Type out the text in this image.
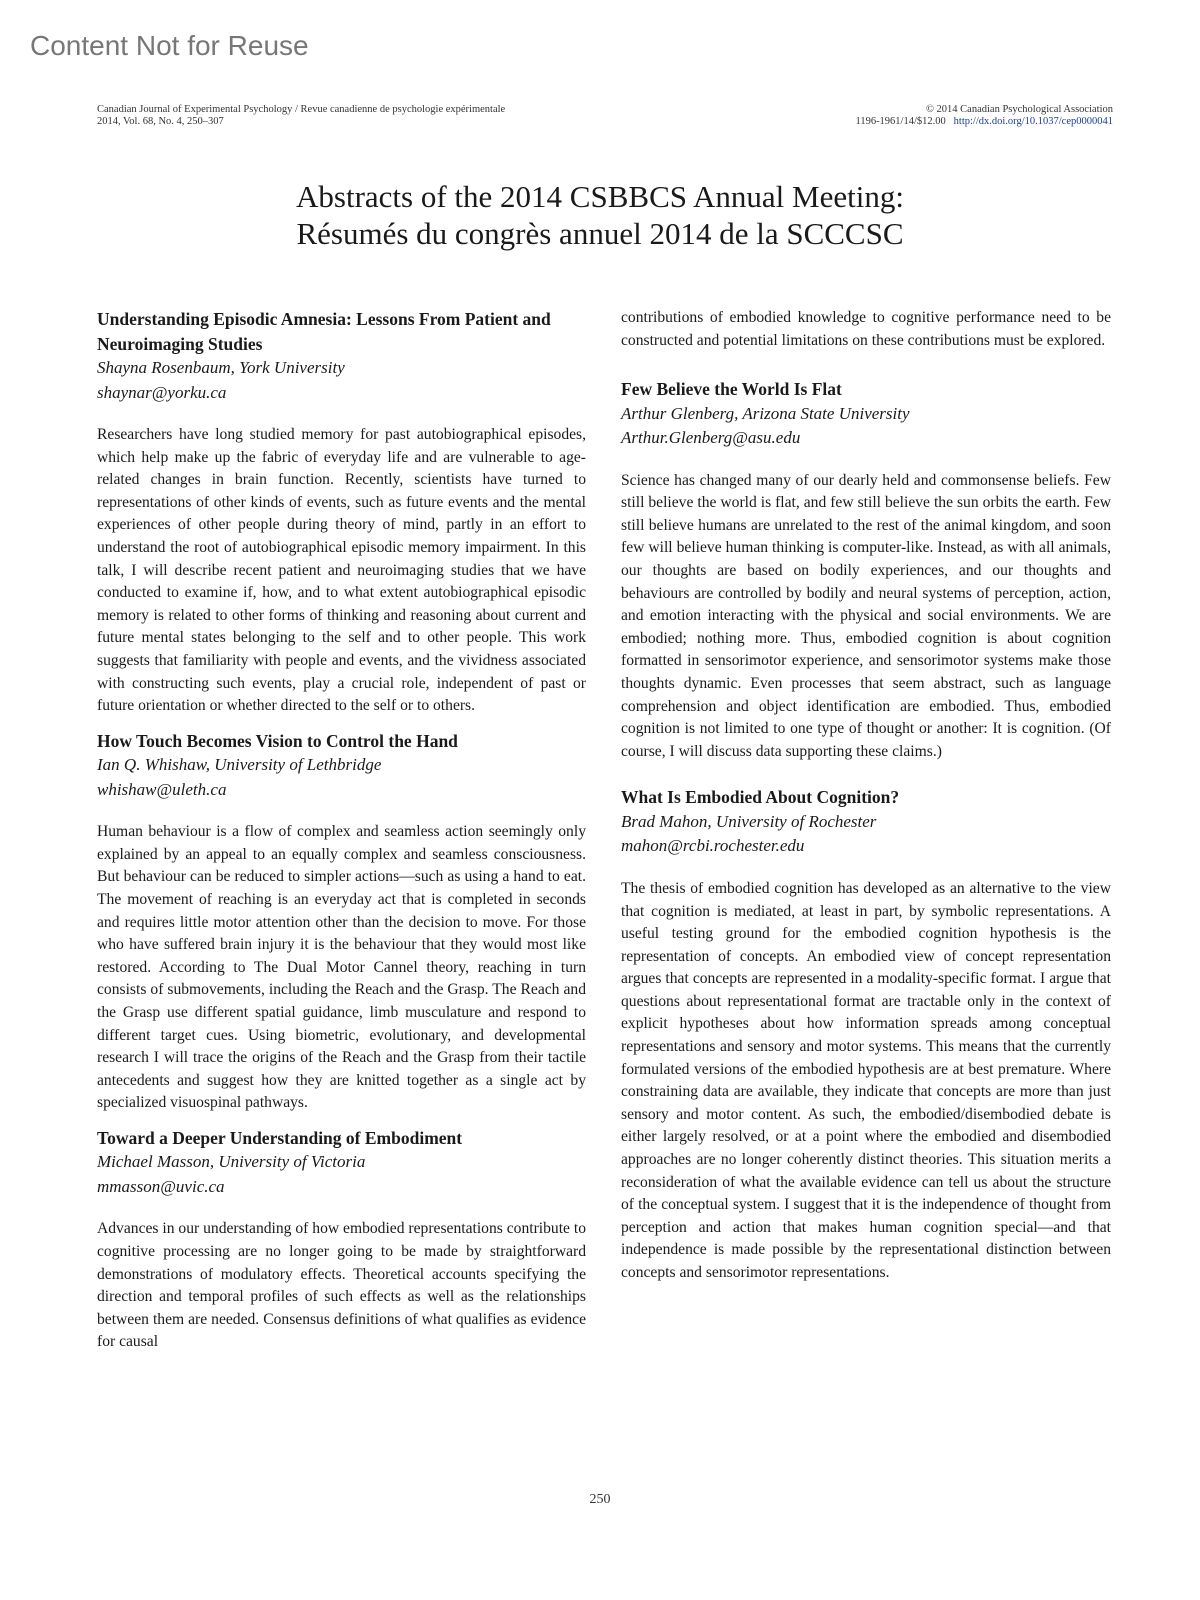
Content Not for Reuse
Canadian Journal of Experimental Psychology / Revue canadienne de psychologie expérimentale
2014, Vol. 68, No. 4, 250–307
© 2014 Canadian Psychological Association
1196-1961/14/$12.00 http://dx.doi.org/10.1037/cep0000041
Abstracts of the 2014 CSBBCS Annual Meeting:
Résumés du congrès annuel 2014 de la SCCCSC

Understanding Episodic Amnesia: Lessons From Patient and Neuroimaging Studies

Shayna Rosenbaum, York University

shaynar@yorku.ca

Researchers have long studied memory for past autobiographical episodes, which help make up the fabric of everyday life and are vulnerable to age-related changes in brain function. Recently, scientists have turned to representations of other kinds of events, such as future events and the mental experiences of other people during theory of mind, partly in an effort to understand the root of autobiographical episodic memory impairment. In this talk, I will describe recent patient and neuroimaging studies that we have conducted to examine if, how, and to what extent autobiographical episodic memory is related to other forms of thinking and reasoning about current and future mental states belonging to the self and to other people. This work suggests that familiarity with people and events, and the vividness associated with constructing such events, play a crucial role, independent of past or future orientation or whether directed to the self or to others.

How Touch Becomes Vision to Control the Hand

Ian Q. Whishaw, University of Lethbridge

whishaw@uleth.ca

Human behaviour is a flow of complex and seamless action seemingly only explained by an appeal to an equally complex and seamless consciousness. But behaviour can be reduced to simpler actions—such as using a hand to eat. The movement of reaching is an everyday act that is completed in seconds and requires little motor attention other than the decision to move. For those who have suffered brain injury it is the behaviour that they would most like restored. According to The Dual Motor Cannel theory, reaching in turn consists of submovements, including the Reach and the Grasp. The Reach and the Grasp use different spatial guidance, limb musculature and respond to different target cues. Using biometric, evolutionary, and developmental research I will trace the origins of the Reach and the Grasp from their tactile antecedents and suggest how they are knitted together as a single act by specialized visuospinal pathways.

Toward a Deeper Understanding of Embodiment

Michael Masson, University of Victoria

mmasson@uvic.ca

Advances in our understanding of how embodied representations contribute to cognitive processing are no longer going to be made by straightforward demonstrations of modulatory effects. Theoretical accounts specifying the direction and temporal profiles of such effects as well as the relationships between them are needed. Consensus definitions of what qualifies as evidence for causal

contributions of embodied knowledge to cognitive performance need to be constructed and potential limitations on these contributions must be explored.

Few Believe the World Is Flat

Arthur Glenberg, Arizona State University

Arthur.Glenberg@asu.edu

Science has changed many of our dearly held and commonsense beliefs. Few still believe the world is flat, and few still believe the sun orbits the earth. Few still believe humans are unrelated to the rest of the animal kingdom, and soon few will believe human thinking is computer-like. Instead, as with all animals, our thoughts are based on bodily experiences, and our thoughts and behaviours are controlled by bodily and neural systems of perception, action, and emotion interacting with the physical and social environments. We are embodied; nothing more. Thus, embodied cognition is about cognition formatted in sensorimotor experience, and sensorimotor systems make those thoughts dynamic. Even processes that seem abstract, such as language comprehension and object identification are embodied. Thus, embodied cognition is not limited to one type of thought or another: It is cognition. (Of course, I will discuss data supporting these claims.)

What Is Embodied About Cognition?

Brad Mahon, University of Rochester

mahon@rcbi.rochester.edu

The thesis of embodied cognition has developed as an alternative to the view that cognition is mediated, at least in part, by symbolic representations. A useful testing ground for the embodied cognition hypothesis is the representation of concepts. An embodied view of concept representation argues that concepts are represented in a modality-specific format. I argue that questions about representational format are tractable only in the context of explicit hypotheses about how information spreads among conceptual representations and sensory and motor systems. This means that the currently formulated versions of the embodied hypothesis are at best premature. Where constraining data are available, they indicate that concepts are more than just sensory and motor content. As such, the embodied/disembodied debate is either largely resolved, or at a point where the embodied and disembodied approaches are no longer coherently distinct theories. This situation merits a reconsideration of what the available evidence can tell us about the structure of the conceptual system. I suggest that it is the independence of thought from perception and action that makes human cognition special—and that independence is made possible by the representational distinction between concepts and sensorimotor representations.

250
